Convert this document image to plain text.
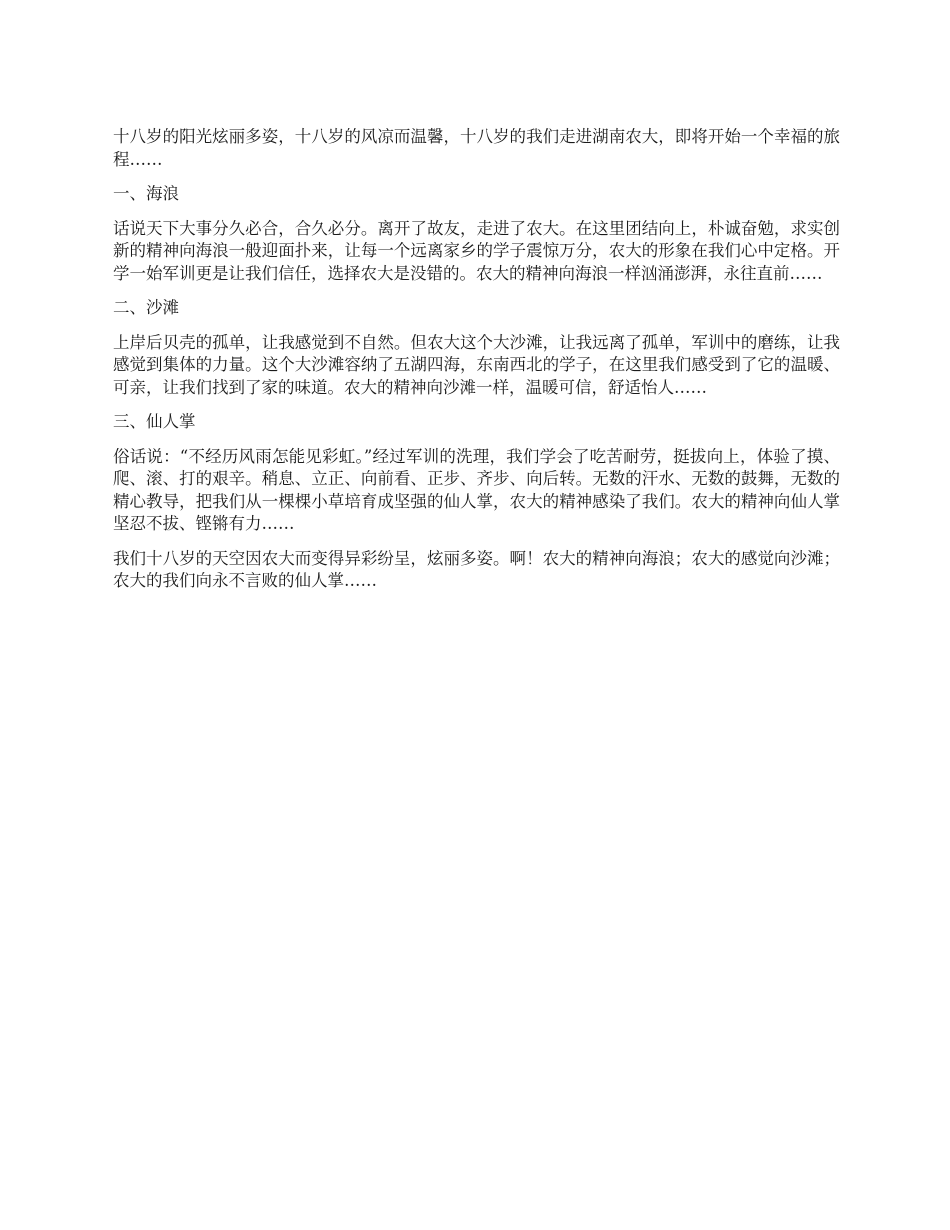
十八岁的阳光炫丽多姿，十八岁的风凉而温馨，十八岁的我们走进湖南农大，即将开始一个幸福的旅程……

一、海浪

话说天下大事分久必合，合久必分。离开了故友，走进了农大。在这里团结向上，朴诚奋勉，求实创新的精神向海浪一般迎面扑来，让每一个远离家乡的学子震惊万分，农大的形象在我们心中定格。开学一始军训更是让我们信任，选择农大是没错的。农大的精神向海浪一样汹涌澎湃，永往直前……

二、沙滩

上岸后贝壳的孤单，让我感觉到不自然。但农大这个大沙滩，让我远离了孤单，军训中的磨练，让我感觉到集体的力量。这个大沙滩容纳了五湖四海，东南西北的学子，在这里我们感受到了它的温暖、可亲，让我们找到了家的味道。农大的精神向沙滩一样，温暖可信，舒适怡人……

三、仙人掌

俗话说：“不经历风雨怎能见彩虹。”经过军训的洗理，我们学会了吃苦耐劳，挺拔向上，体验了摸、爬、滚、打的艰辛。稍息、立正、向前看、正步、齐步、向后转。无数的汗水、无数的鼓舞，无数的精心教导，把我们从一棵棵小草培育成坚强的仙人掌，农大的精神感染了我们。农大的精神向仙人掌坚忍不拔、铿锵有力……

我们十八岁的天空因农大而变得异彩纷呈，炫丽多姿。啊！农大的精神向海浪；农大的感觉向沙滩；农大的我们向永不言败的仙人掌……
